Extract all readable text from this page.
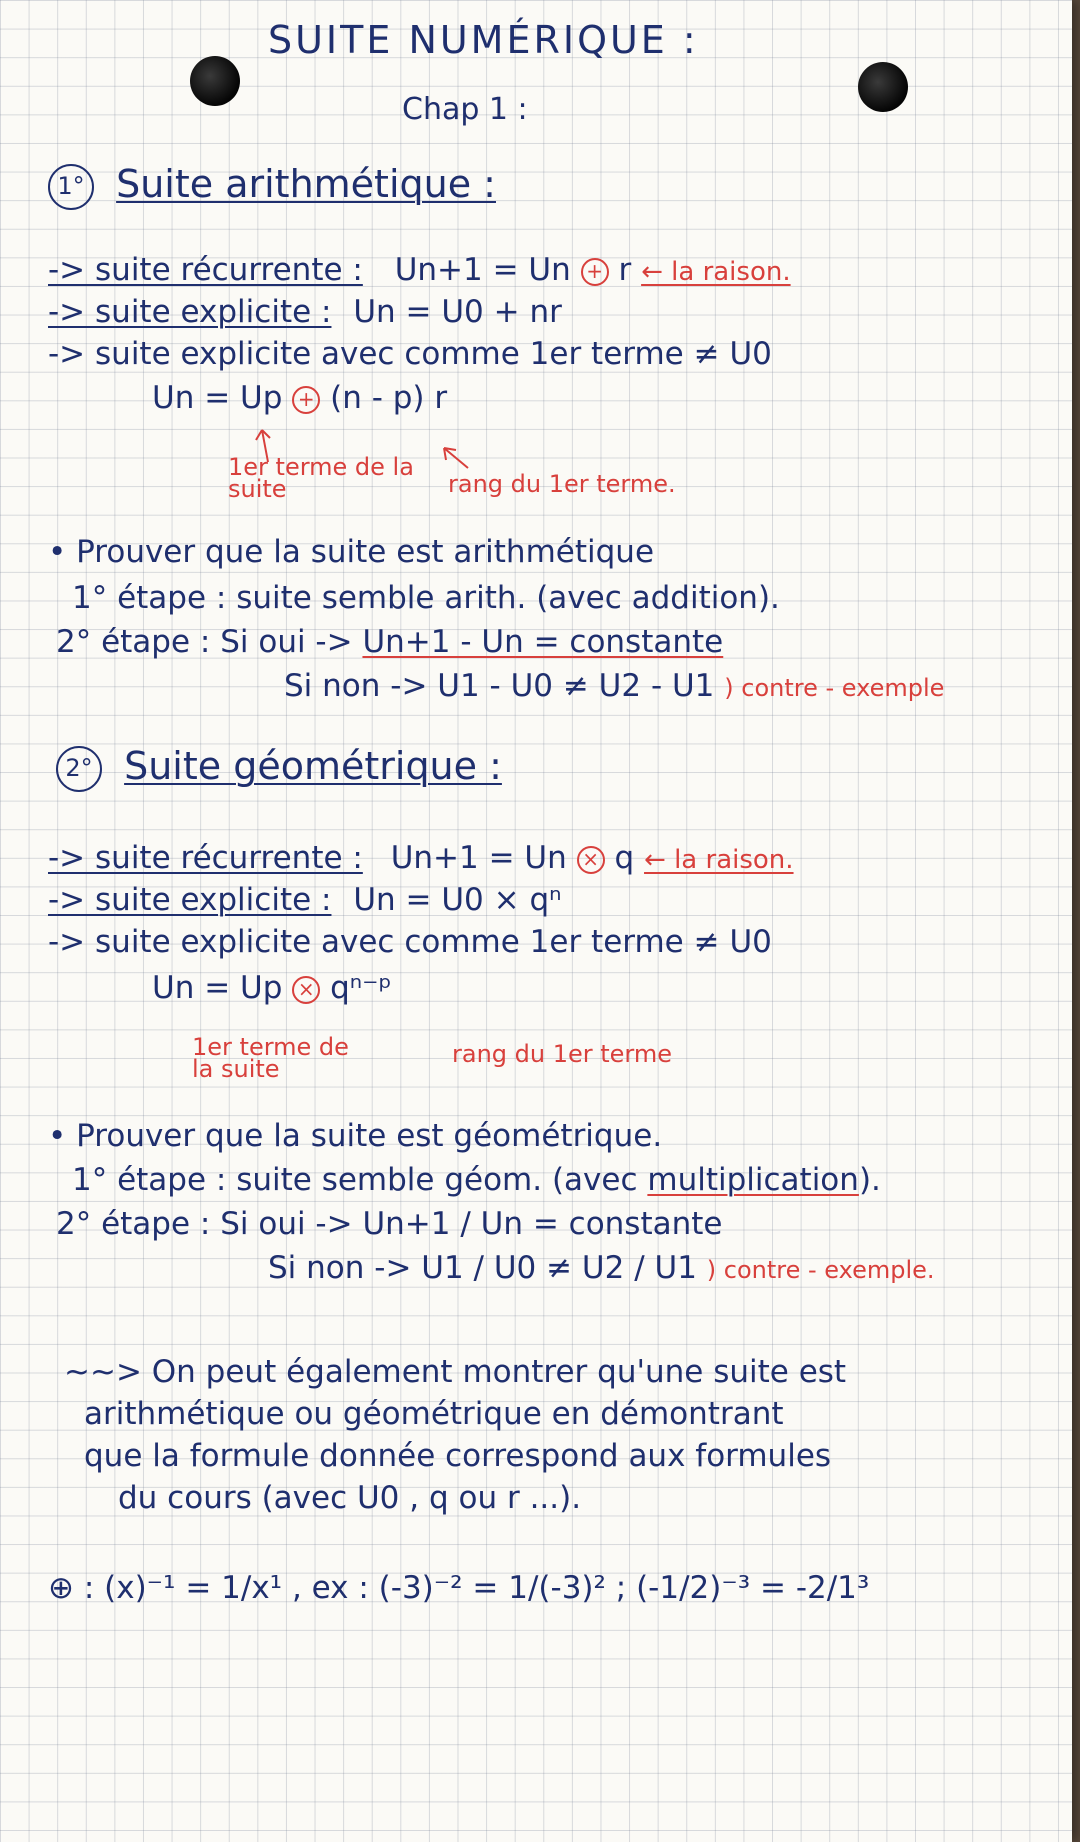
SUITE NUMÉRIQUE :
Chap 1 :
1° Suite arithmétique :
-> suite récurrente : Un+1 = Un + r ← la raison.
-> suite explicite : Un = U0 + nr
-> suite explicite avec comme 1er terme ≠ U0
Un = Up + (n - p) r
1er terme de la suite	rang du 1er terme.
• Prouver que la suite est arithmétique
1° étape : suite semble arith. (avec addition).
2° étape : Si oui -> Un+1 - Un = constante
Si non -> U1 - U0 ≠ U2 - U1 ) contre - exemple
2° Suite géométrique :
-> suite récurrente : Un+1 = Un × q ← la raison.
-> suite explicite : Un = U0 × qⁿ
-> suite explicite avec comme 1er terme ≠ U0
Un = Up × qⁿ⁻ᵖ
1er terme de la suite
rang du 1er terme
• Prouver que la suite est géométrique.
1° étape : suite semble géom. (avec multiplication).
2° étape : Si oui -> Un+1 / Un = constante
Si non -> U1 / U0 ≠ U2 / U1 ) contre - exemple.
~~> On peut également montrer qu'une suite est
arithmétique ou géométrique en démontrant
que la formule donnée correspond aux formules
du cours (avec U0 , q ou r ...).
⊕ : (x)⁻¹ = 1/x¹ , ex : (-3)⁻² = 1/(-3)² ; (-1/2)⁻³ = -2/1³
